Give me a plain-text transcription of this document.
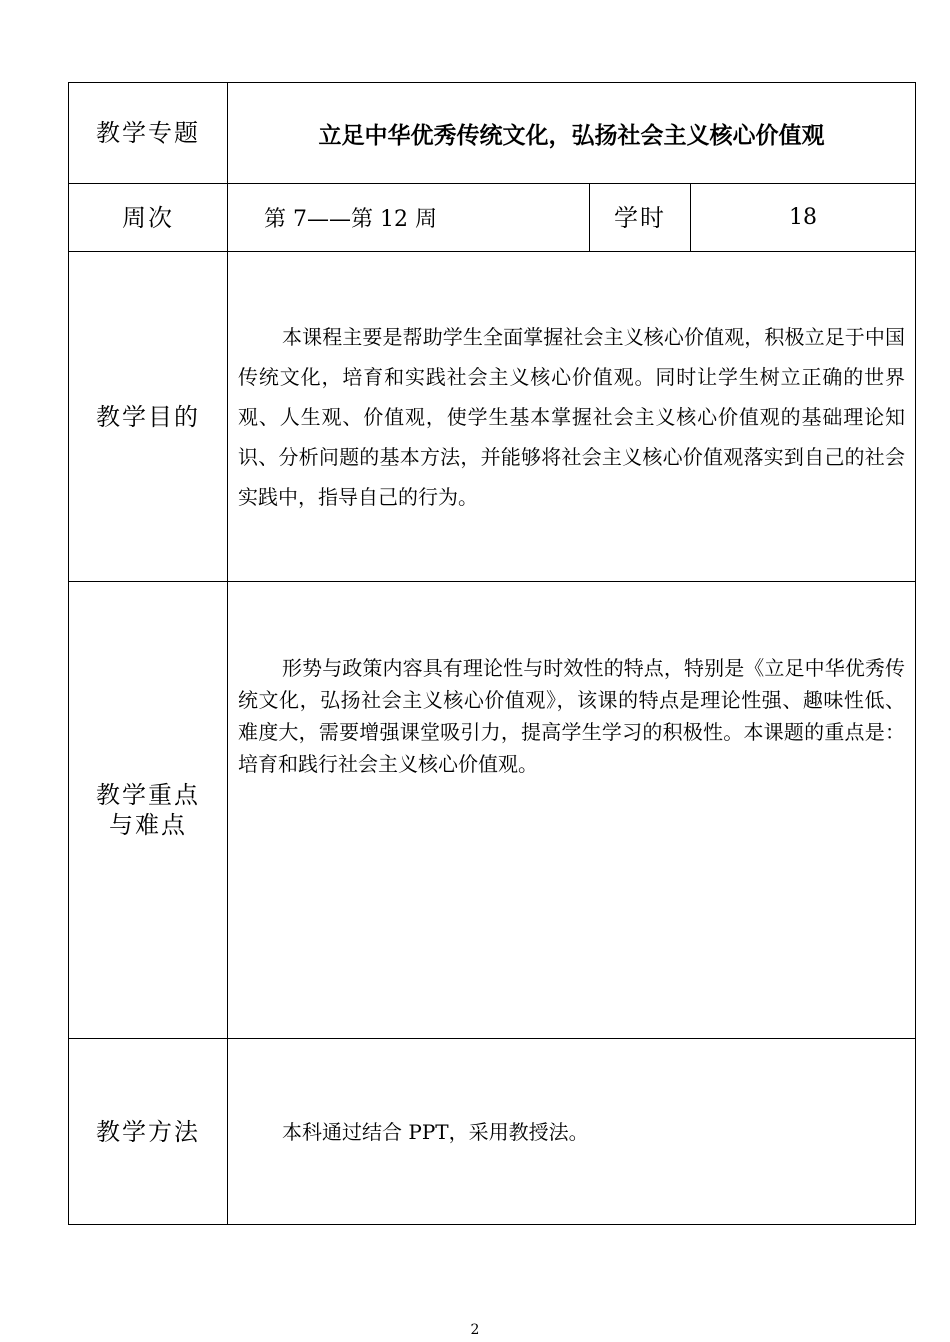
教学专题	立足中华优秀传统文化，弘扬社会主义核心价值观		
周次	第 7——第 12 周	学时	18
教学目的	本课程主要是帮助学生全面掌握社会主义核心价值观，积极立足于中国传统文化，培育和实践社会主义核心价值观。同时让学生树立正确的世界观、人生观、价值观，使学生基本掌握社会主义核心价值观的基础理论知识、分析问题的基本方法，并能够将社会主义核心价值观落实到自己的社会实践中，指导自己的行为。		

教学重点与难点	形势与政策内容具有理论性与时效性的特点，特别是《立足中华优秀传统文化，弘扬社会主义核心价值观》，该课的特点是理论性强、趣味性低、难度大，需要增强课堂吸引力，提高学生学习的积极性。本课题的重点是：培育和践行社会主义核心价值观。		

教学方法	本科通过结合 PPT，采用教授法。		

2
